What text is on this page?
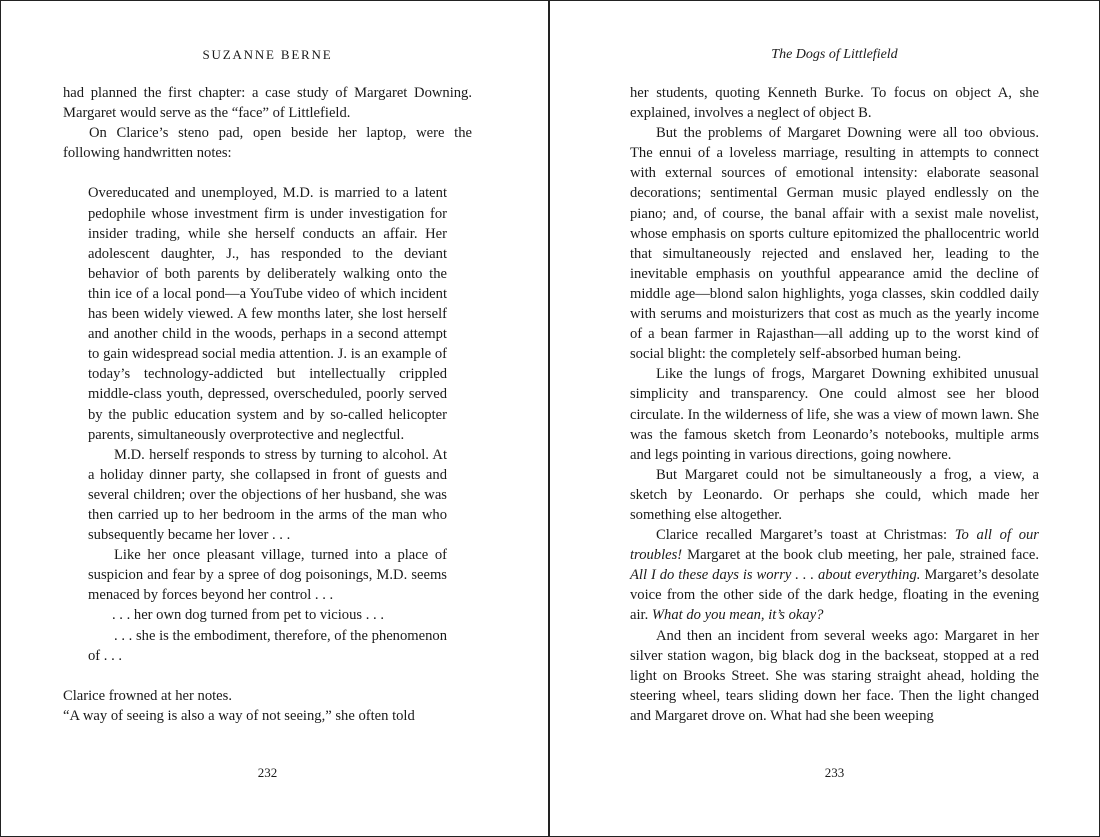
SUZANNE BERNE

had planned the first chapter: a case study of Margaret Downing. Margaret would serve as the “face” of Littlefield.

On Clarice’s steno pad, open beside her laptop, were the following handwritten notes:

Overeducated and unemployed, M.D. is married to a latent pedophile whose investment firm is under investigation for insider trading, while she herself conducts an affair. Her adolescent daughter, J., has responded to the deviant behavior of both parents by deliberately walking onto the thin ice of a local pond—a YouTube video of which incident has been widely viewed. A few months later, she lost herself and another child in the woods, perhaps in a second attempt to gain widespread social media attention. J. is an example of today’s technology-addicted but intellectually crippled middle-class youth, depressed, overscheduled, poorly served by the public education system and by so-called helicopter parents, simultaneously overprotective and neglectful.

M.D. herself responds to stress by turning to alcohol. At a holiday dinner party, she collapsed in front of guests and several children; over the objections of her husband, she was then carried up to her bedroom in the arms of the man who subsequently became her lover . . .

Like her once pleasant village, turned into a place of suspicion and fear by a spree of dog poisonings, M.D. seems menaced by forces beyond her control . . .

. . . her own dog turned from pet to vicious . . .

. . . she is the embodiment, therefore, of the phenomenon of . . .

Clarice frowned at her notes.

“A way of seeing is also a way of not seeing,” she often told

232
The Dogs of Littlefield

her students, quoting Kenneth Burke. To focus on object A, she explained, involves a neglect of object B.

But the problems of Margaret Downing were all too obvious. The ennui of a loveless marriage, resulting in attempts to connect with external sources of emotional intensity: elaborate seasonal decorations; sentimental German music played endlessly on the piano; and, of course, the banal affair with a sexist male novelist, whose emphasis on sports culture epitomized the phallocentric world that simultaneously rejected and enslaved her, leading to the inevitable emphasis on youthful appearance amid the decline of middle age—blond salon highlights, yoga classes, skin coddled daily with serums and moisturizers that cost as much as the yearly income of a bean farmer in Rajasthan—all adding up to the worst kind of social blight: the completely self-absorbed human being.

Like the lungs of frogs, Margaret Downing exhibited unusual simplicity and transparency. One could almost see her blood circulate. In the wilderness of life, she was a view of mown lawn. She was the famous sketch from Leonardo’s notebooks, multiple arms and legs pointing in various directions, going nowhere.

But Margaret could not be simultaneously a frog, a view, a sketch by Leonardo. Or perhaps she could, which made her something else altogether.

Clarice recalled Margaret’s toast at Christmas: To all of our troubles! Margaret at the book club meeting, her pale, strained face. All I do these days is worry . . . about everything. Margaret’s desolate voice from the other side of the dark hedge, floating in the evening air. What do you mean, it’s okay?

And then an incident from several weeks ago: Margaret in her silver station wagon, big black dog in the backseat, stopped at a red light on Brooks Street. She was staring straight ahead, holding the steering wheel, tears sliding down her face. Then the light changed and Margaret drove on. What had she been weeping

233
